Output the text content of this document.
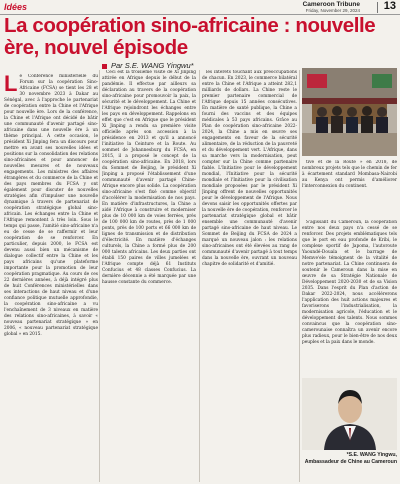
Idées	Cameroon Tribune
Friday, November 29, 2024 13
La coopération sino-africaine : nouvelle ère, nouvel épisode
Par S.E. WANG Yingwu*
Le Conférence ministérielle du Forum sur la coopération Sino-Africaine (FCSA) se tient les 28 et 30 novembre 2023 à Dakar au Sénégal, avec à l'approche le partenariat de coopération entre la Chine et l'Afrique pour nouvelle ère. Lors de la conférence, la Chine et l'Afrique ont décidé de bâtir une communauté d'avenir partagé sino-africaine dans une nouvelle ère à un thème principal. À cette occasion, le président Xi Jinping fera un discours pour mettre en avant ses nouvelles idées et positions sur la consolidation des relations sino-africaines et pour annoncer de nouvelles mesures et de nouveaux engagements. Les ministres des affaires étrangères et du commerce de la Chine et des pays membres du FCSA y ont également pour discuter de nouvelles stratégies afin d'impulser une nouvelle dynamique à travers de partenariat de coopération stratégique global sino-africain. Les échanges entre la Chine et l'Afrique remontent à très loin. Sous le temps qui passe, l'amitié sino-africaine n'a eu de cesse de se raffermir et leur coopération de se renforcer. En particulier, depuis 2000, le FCSA est devenu aussi bien un mécanisme de dialogue collectif entre la Chine et les pays africains qu'une plateforme importante pour la promotion de leur coopération pragmatique. Au cours de ces 22 dernières années, à déjà intégré plus de huit Conférences ministérielles dans ses interactions de haut niveau et d'une confiance politique mutuelle approfondie, la coopération sino-africaine a vu l'enchaînement de 3 niveaux en matière des relations sino-africaines, à savoir « nouveau partenariat stratégique » en 2006, « nouveau partenariat stratégique global » en 2015.

Ceci est la troisième visite de Xi Jinping attirée en Afrique depuis le début de la pandémie. Il effectue par ailleurs sa déclaration au travers de la coopération sino-africaine pour promouvoir la paix, la sécurité et le développement. La Chine et l'Afrique rejoindront les échanges entre les pays en développement. Rappelons en effet que c'est en Afrique que le président Xi Jinping a rendu sa première visite officielle après son accession à la présidence en 2013 et qu'il a annoncé l'initiative la Ceinture et la Route. Au sommet de Johannesburg du FCSA, en 2015, il a proposé le concept de la coopération sino-africaine. En 2018, lors du Sommet de Beijing, le président Xi Jinping a proposé l'établissement d'une communauté d'avenir partagé Chine-Afrique encore plus solide. La coopération sino-africaine s'est fixé comme objectif d'accélérer la modernisation de nos pays. En matière d'infrastructures, la Chine a aidé l'Afrique à construire et moderniser plus de 10 000 km de voies ferrées, près de 100 000 km de routes, près de 1 000 ponts, près de 100 ports et 66 000 km de lignes de transmission et de distribution d'électricité. En matière d'échanges culturels, la Chine a formé plus de 200 000 talents africains. Les deux parties ont établi 150 paires de villes jumelées et l'Afrique compte déjà 61 Instituts Confucius et 48 classes Confucius. La dernière décennie a été marquée par une hausse constante du commerce.

les intérêts touchant aux préoccupations de chacun. En 2023, le commerce bilatéral entre la Chine et l'Afrique a atteint 282,1 milliards de dollars. La Chine reste le premier partenaire commercial de l'Afrique depuis 15 années consécutives. En matière de santé publique, la Chine a fourni des vaccins et des équipes médicales à 53 pays africains. Grâce au Plan de coopération sino-africaine 2022-2024, la Chine a mis en œuvre ses engagements en faveur de la sécurité alimentaire, de la réduction de la pauvreté et du développement vert. L'Afrique, dans sa marche vers la modernisation, peut compter sur la Chine comme partenaire fiable. L'Initiative pour le développement mondial, l'Initiative pour la sécurité mondiale et l'Initiative pour la civilisation mondiale proposées par le président Xi Jinping offrent de nouvelles opportunités pour le développement de l'Afrique. Nous devons saisir les opportunités offertes par la nouvelle ère de coopération, renforcer le partenariat stratégique global et bâtir ensemble une communauté d'avenir partagé sino-africaine de haut niveau. Le Sommet de Beijing du FCSA de 2024 a marqué un nouveau jalon : les relations sino-africaines ont été élevées au rang de communauté d'avenir partagé à tout temps dans la nouvelle ère, ouvrant un nouveau chapitre de solidarité et d'amitié.

tive et de la Route » en 2018, de nombreux projets tels que le chemin de fer à écartement standard Mombasa-Nairobi au Kenya ont permis d'améliorer l'interconnexion du continent.

S'agissant du Cameroun, la coopération entre nos deux pays n'a cessé de se renforcer. Des projets emblématiques tels que le port en eau profonde de Kribi, le complexe sportif de Japoma, l'autoroute Yaoundé-Douala et le barrage de Memve'ele témoignent de la vitalité de notre partenariat. La Chine continuera de soutenir le Cameroun dans la mise en œuvre de sa Stratégie Nationale de Développement 2020-2030 et de sa Vision 2035. Dans l'esprit du Plan d'action de Dakar 2022-2024, nous accélérerons l'application des huit actions majeures et favoriserons l'industrialisation, la modernisation agricole, l'éducation et le développement des talents. Nous sommes convaincus que la coopération sino-camerounaise connaîtra un avenir encore plus radieux, pour le bien-être de nos deux peuples et la paix dans le monde.

*S.E. WANG Yingwu,
Ambassadeur de Chine au Cameroun
